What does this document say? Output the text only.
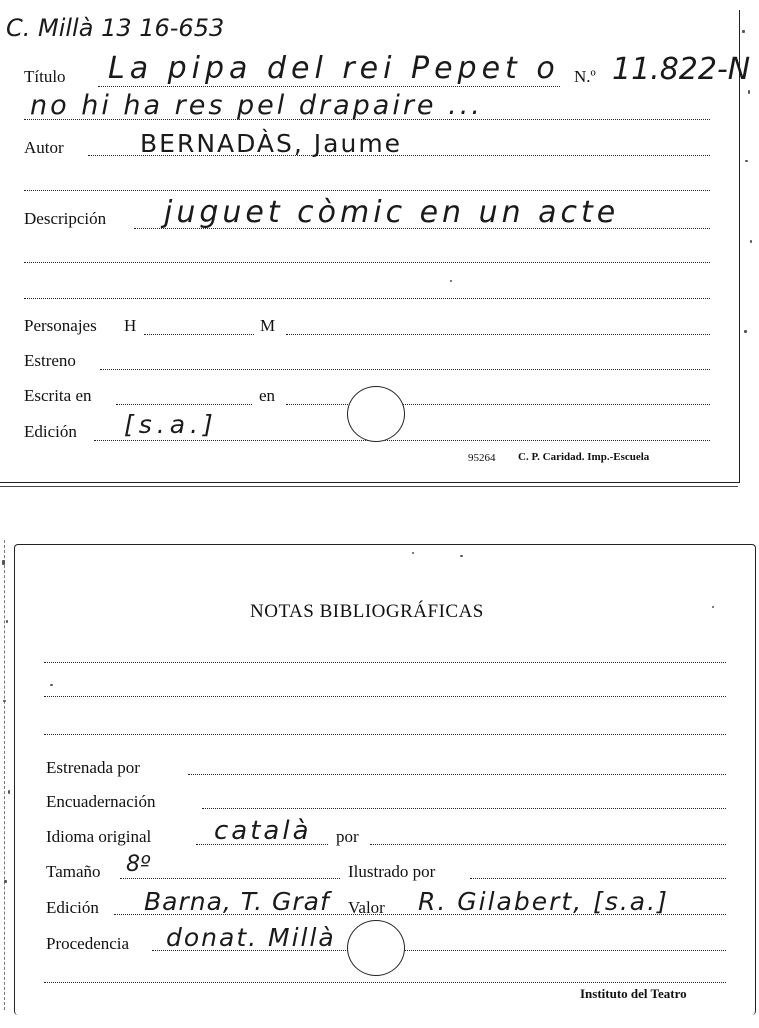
C. Millà 13 16-653
Título La pipa del rei Pepet o N.º 11.822-N
no hi ha res pel drapaire ...
Autor	BERNADÀS, Jaume
Descripción juguet còmic en un acte
Personajes H	M
Estreno
Escrita en	en
Edición [s.a.]
95264 C. P. Caridad. Imp.-Escuela
NOTAS BIBLIOGRÁFICAS
Estrenada por
Encuadernación
Idioma original català por
Tamaño 8º	Ilustrado por
Edición Barna, T. Graf Valor R. Gilabert, [s.a.]
Procedencia donat. Millà
Instituto del Teatro
